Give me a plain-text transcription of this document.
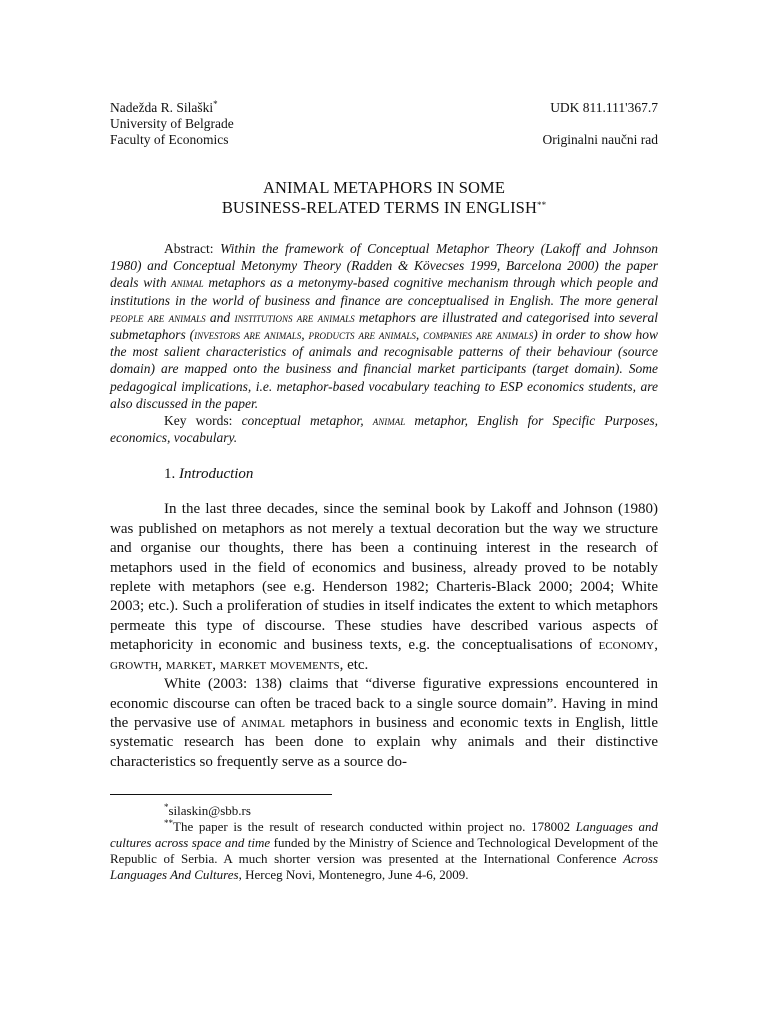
Nadežda R. Silaški*
University of Belgrade
Faculty of Economics
UDK 811.111'367.7
Originalni naučni rad
ANIMAL METAPHORS IN SOME
BUSINESS-RELATED TERMS IN ENGLISH**

Abstract: Within the framework of Conceptual Metaphor Theory (Lakoff and Johnson 1980) and Conceptual Metonymy Theory (Radden & Kövecses 1999, Barcelona 2000) the paper deals with animal metaphors as a metonymy-based cognitive mechanism through which people and institutions in the world of business and finance are conceptualised in English. The more general people are animals and institutions are animals metaphors are illustrated and categorised into several submetaphors (investors are animals, products are animals, companies are animals) in order to show how the most salient characteristics of animals and recognisable patterns of their behaviour (source domain) are mapped onto the business and financial market participants (target domain). Some pedagogical implications, i.e. metaphor-based vocabulary teaching to ESP economics students, are also discussed in the paper.

Key words: conceptual metaphor, animal metaphor, English for Specific Purposes, economics, vocabulary.

1. Introduction

In the last three decades, since the seminal book by Lakoff and Johnson (1980) was published on metaphors as not merely a textual decoration but the way we structure and organise our thoughts, there has been a continuing interest in the research of metaphors used in the field of economics and business, already proved to be notably replete with metaphors (see e.g. Henderson 1982; Charteris-Black 2000; 2004; White 2003; etc.). Such a proliferation of studies in itself indicates the extent to which metaphors permeate this type of discourse. These studies have described various aspects of metaphoricity in economic and business texts, e.g. the conceptualisations of economy, growth, market, market movements, etc.

White (2003: 138) claims that “diverse figurative expressions encountered in economic discourse can often be traced back to a single source domain”. Having in mind the pervasive use of animal metaphors in business and economic texts in English, little systematic research has been done to explain why animals and their distinctive characteristics so frequently serve as a source do-

*silaskin@sbb.rs

**The paper is the result of research conducted within project no. 178002 Languages and cultures across space and time funded by the Ministry of Science and Technological Development of the Republic of Serbia. A much shorter version was presented at the International Conference Across Languages And Cultures, Herceg Novi, Montenegro, June 4-6, 2009.
